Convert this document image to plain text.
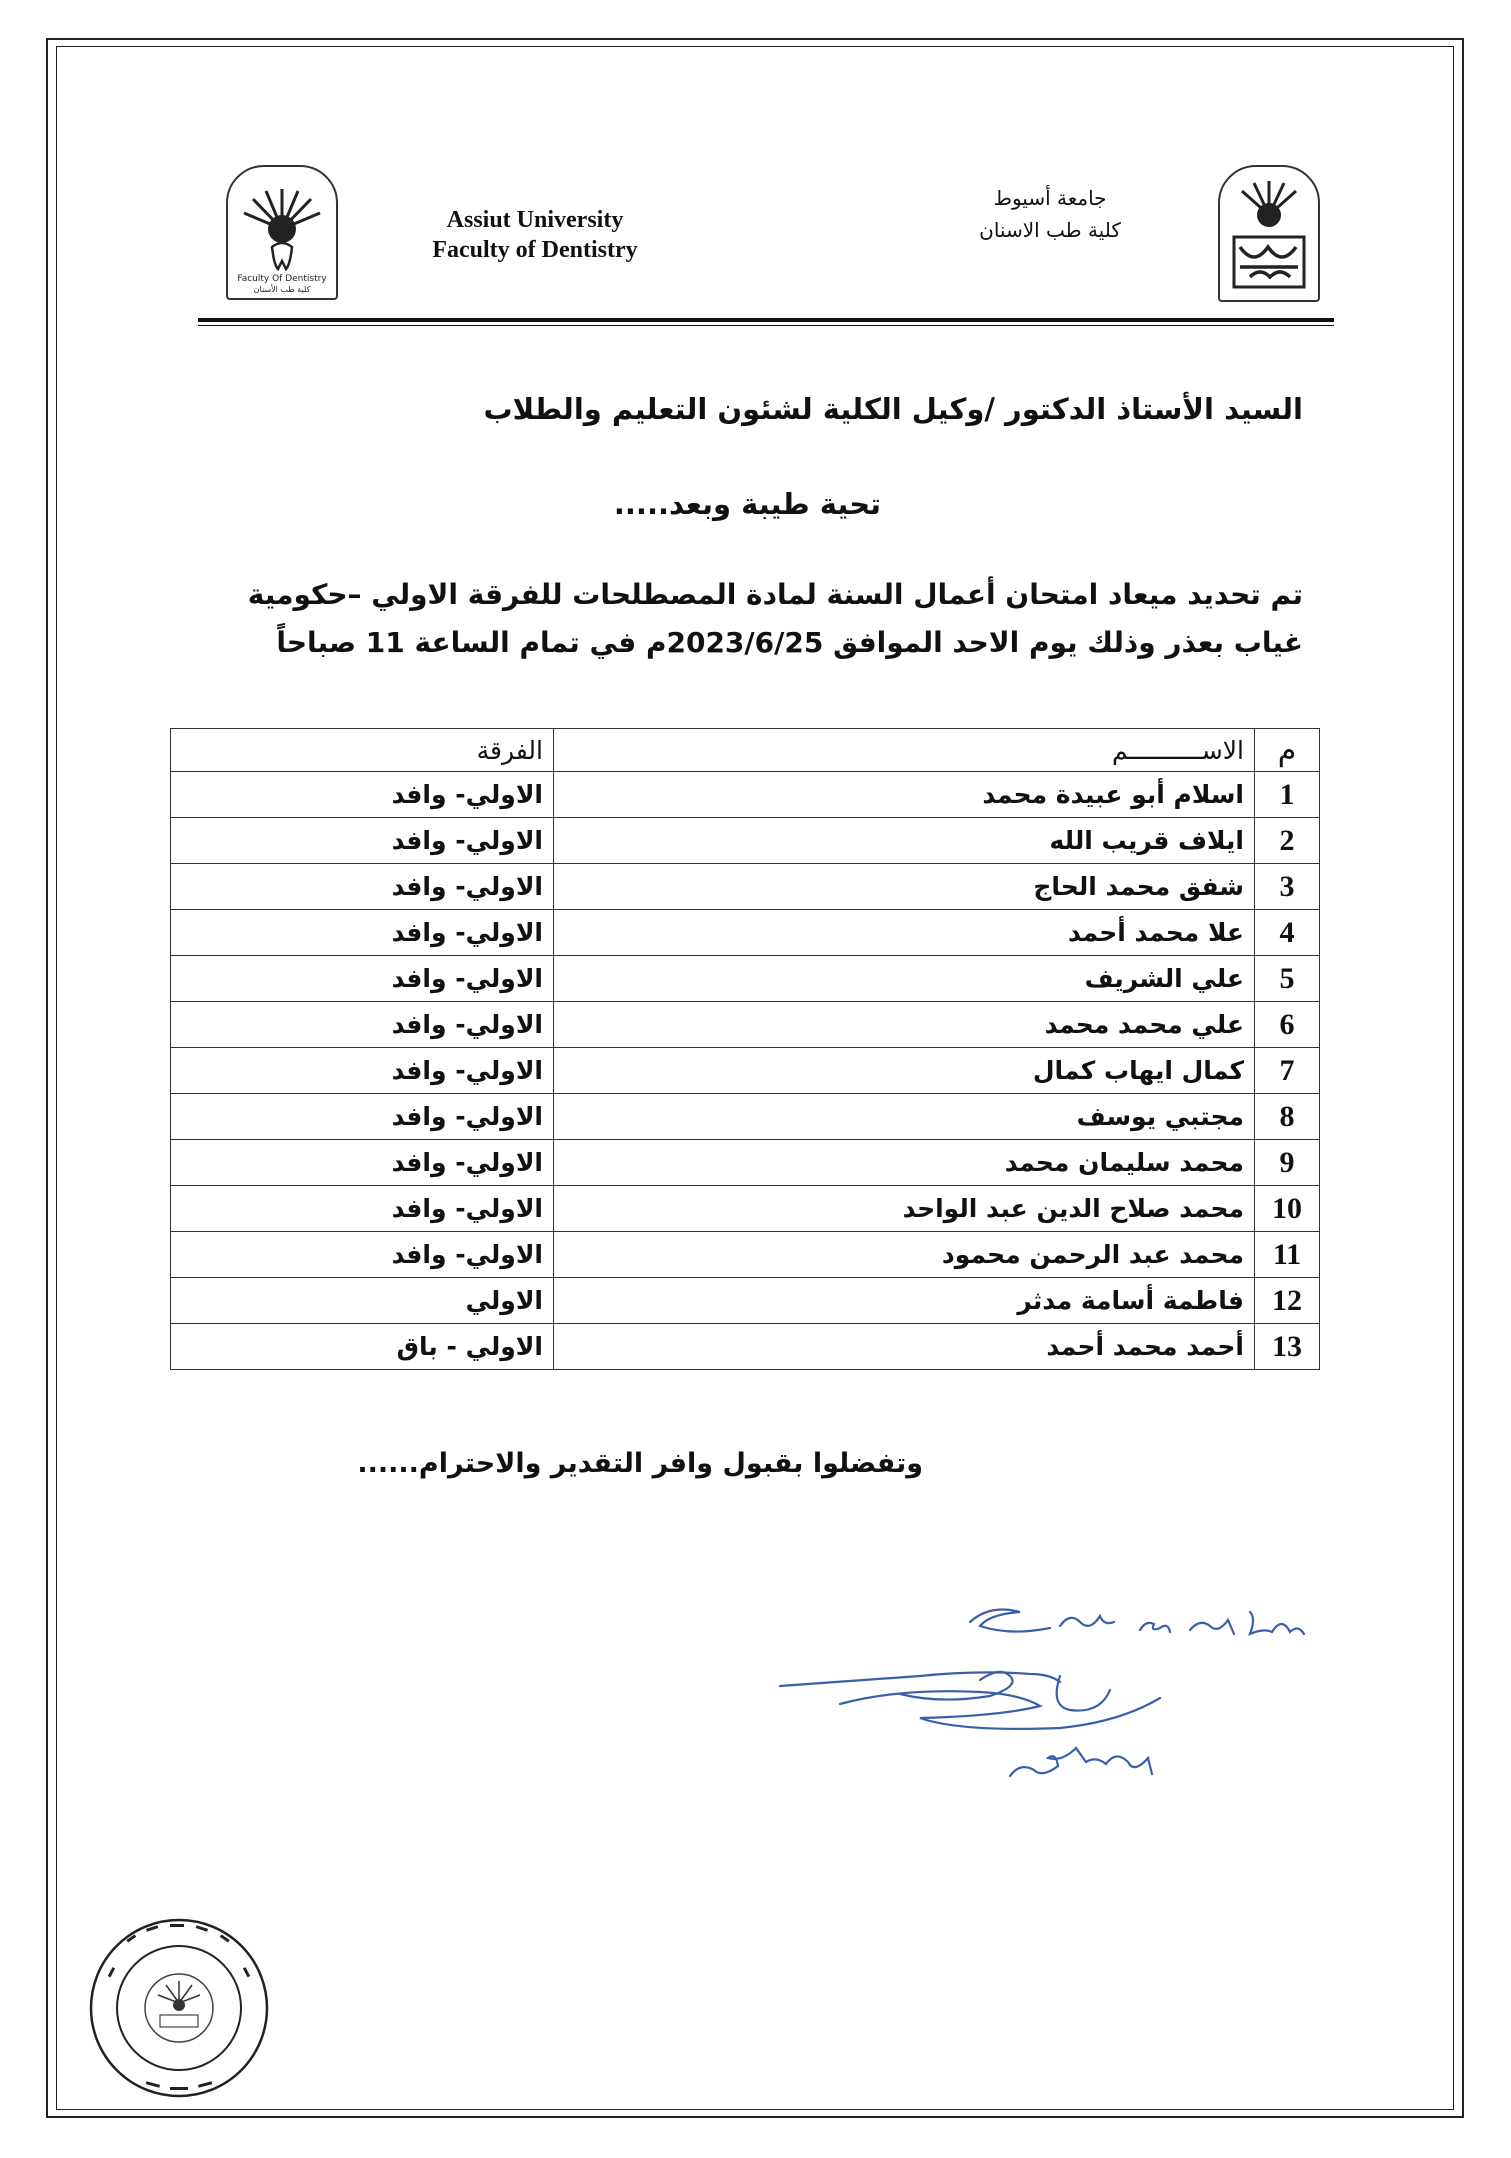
Faculty Of Dentistry
كلية طب الأسنان
Assiut University
Faculty of Dentistry
جامعة أسيوط
كلية طب الاسنان
السيد الأستاذ الدكتور /وكيل الكلية لشئون التعليم والطلاب
تحية طيبة وبعد.....
تم تحديد ميعاد امتحان أعمال السنة لمادة المصطلحات للفرقة الاولي –حكومية
غياب بعذر وذلك يوم الاحد الموافق 2023/6/25م في تمام الساعة 11 صباحاً
م	الاســــــــــم	الفرقة
1	اسلام أبو عبيدة محمد	الاولي- وافد
2	ايلاف قريب الله	الاولي- وافد
3	شفق محمد الحاج	الاولي- وافد
4	علا محمد أحمد	الاولي- وافد
5	علي الشريف	الاولي- وافد
6	علي محمد محمد	الاولي- وافد
7	كمال ايهاب كمال	الاولي- وافد
8	مجتبي يوسف	الاولي- وافد
9	محمد سليمان محمد	الاولي- وافد
10	محمد صلاح الدين عبد الواحد	الاولي- وافد
11	محمد عبد الرحمن محمود	الاولي- وافد
12	فاطمة أسامة مدثر	الاولي
13	أحمد محمد أحمد	الاولي - باق
وتفضلوا بقبول وافر التقدير والاحترام......
